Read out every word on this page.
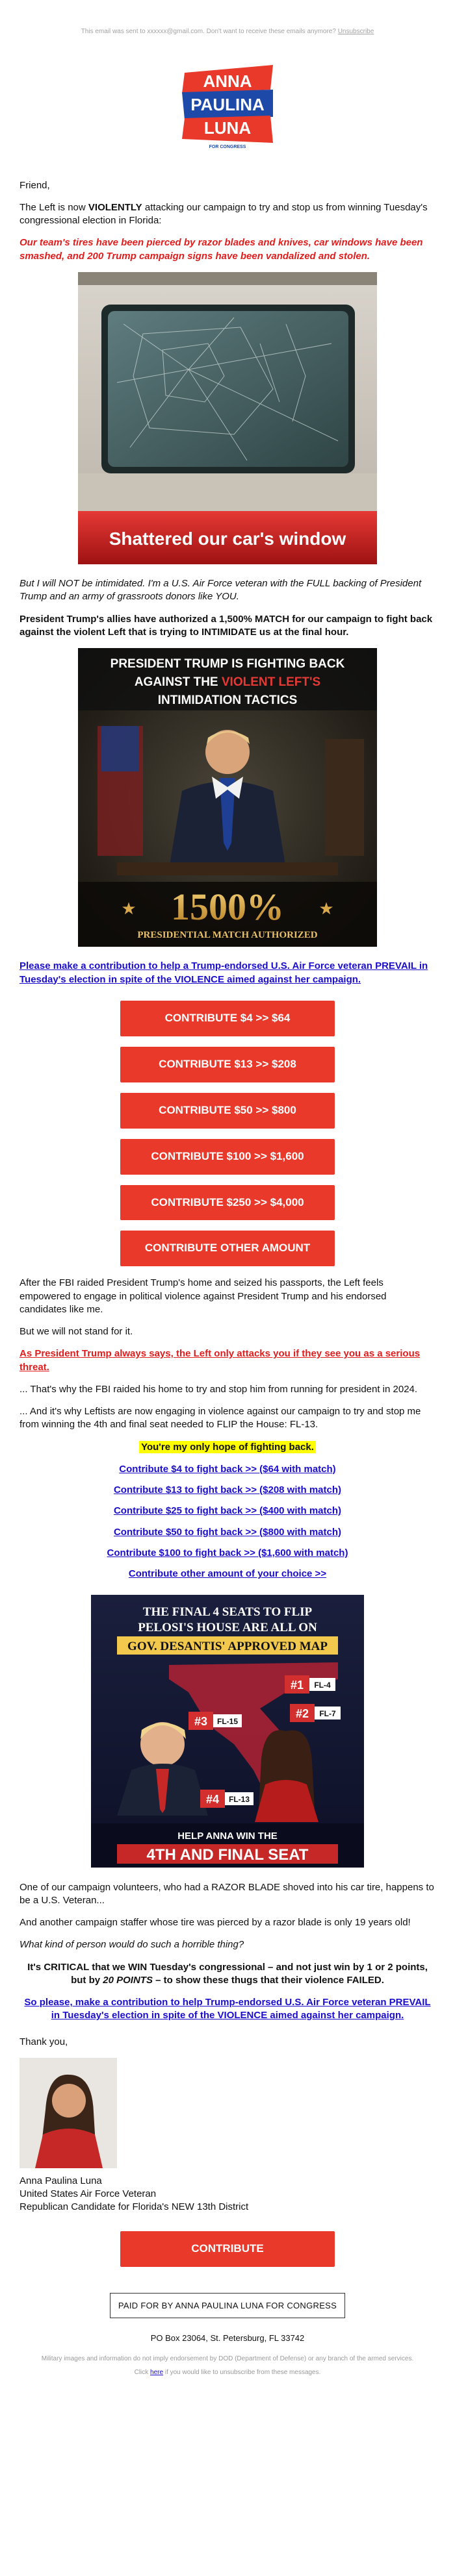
This email was sent to xxxxxx@gmail.com. Don't want to receive these emails anymore? Unsubscribe
ANNA
PAULINA
LUNA
FOR CONGRESS

Friend,

The Left is now VIOLENTLY attacking our campaign to try and stop us from winning Tuesday's congressional election in Florida:

Our team's tires have been pierced by razor blades and knives, car windows have been smashed, and 200 Trump campaign signs have been vandalized and stolen.

Shattered our car's window

But I will NOT be intimidated. I'm a U.S. Air Force veteran with the FULL backing of President Trump and an army of grassroots donors like YOU.

President Trump's allies have authorized a 1,500% MATCH for our campaign to fight back against the violent Left that is trying to INTIMIDATE us at the final hour.

PRESIDENT TRUMP IS FIGHTING BACK
AGAINST THE VIOLENT LEFT'S
INTIMIDATION TACTICS
1500%
★	★
PRESIDENTIAL MATCH AUTHORIZED

Please make a contribution to help a Trump-endorsed U.S. Air Force veteran PREVAIL in Tuesday's election in spite of the VIOLENCE aimed against her campaign.

CONTRIBUTE $4 >> $64
CONTRIBUTE $13 >> $208
CONTRIBUTE $50 >> $800
CONTRIBUTE $100 >> $1,600
CONTRIBUTE $250 >> $4,000
CONTRIBUTE OTHER AMOUNT

After the FBI raided President Trump's home and seized his passports, the Left feels empowered to engage in political violence against President Trump and his endorsed candidates like me.

But we will not stand for it.

As President Trump always says, the Left only attacks you if they see you as a serious threat.

... That's why the FBI raided his home to try and stop him from running for president in 2024.

... And it's why Leftists are now engaging in violence against our campaign to try and stop me from winning the 4th and final seat needed to FLIP the House: FL-13.

You're my only hope of fighting back.

Contribute $4 to fight back >> ($64 with match)
Contribute $13 to fight back >> ($208 with match)
Contribute $25 to fight back >> ($400 with match)
Contribute $50 to fight back >> ($800 with match)
Contribute $100 to fight back >> ($1,600 with match)
Contribute other amount of your choice >>
THE FINAL 4 SEATS TO FLIP
PELOSI'S HOUSE ARE ALL ON
GOV. DESANTIS' APPROVED MAP
#1 FL-4
#2 FL-7
#3 FL-15
#4 FL-13
HELP ANNA WIN THE
4TH AND FINAL SEAT

One of our campaign volunteers, who had a RAZOR BLADE shoved into his car tire, happens to be a U.S. Veteran...

And another campaign staffer whose tire was pierced by a razor blade is only 19 years old!

What kind of person would do such a horrible thing?

It's CRITICAL that we WIN Tuesday's congressional – and not just win by 1 or 2 points, but by 20 POINTS – to show these thugs that their violence FAILED.

So please, make a contribution to help Trump-endorsed U.S. Air Force veteran PREVAIL in Tuesday's election in spite of the VIOLENCE aimed against her campaign.

Thank you,

Anna Paulina Luna
United States Air Force Veteran
Republican Candidate for Florida's NEW 13th District

CONTRIBUTE
PAID FOR BY ANNA PAULINA LUNA FOR CONGRESS
PO Box 23064, St. Petersburg, FL 33742
Military images and information do not imply endorsement by DOD (Department of Defense) or any branch of the armed services.
Click here if you would like to unsubscribe from these messages.
